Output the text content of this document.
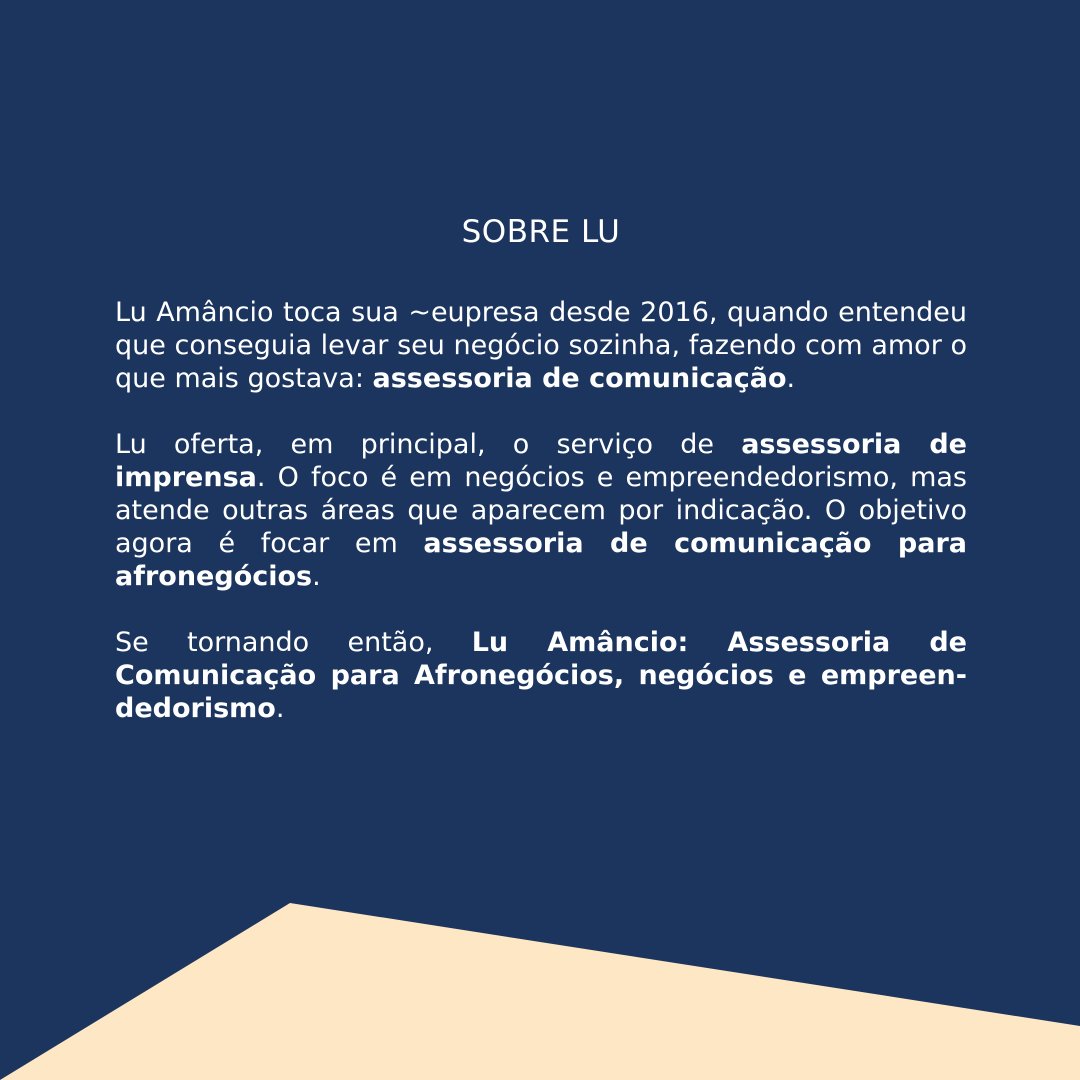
SOBRE LU

Lu Amâncio toca sua ~eupresa desde 2016, quando entendeu que conseguia levar seu negócio sozinha, fazendo com amor o que mais gostava: assessoria de comunicação.

Lu oferta, em principal, o serviço de assessoria de imprensa. O foco é em negócios e empreendedorismo, mas atende outras áreas que aparecem por indicação. O objetivo agora é focar em assessoria de comunicação para afronegócios.

Se tornando então, Lu Amâncio: Assessoria de Comunicação para Afronegócios, negócios e empreendedorismo.
